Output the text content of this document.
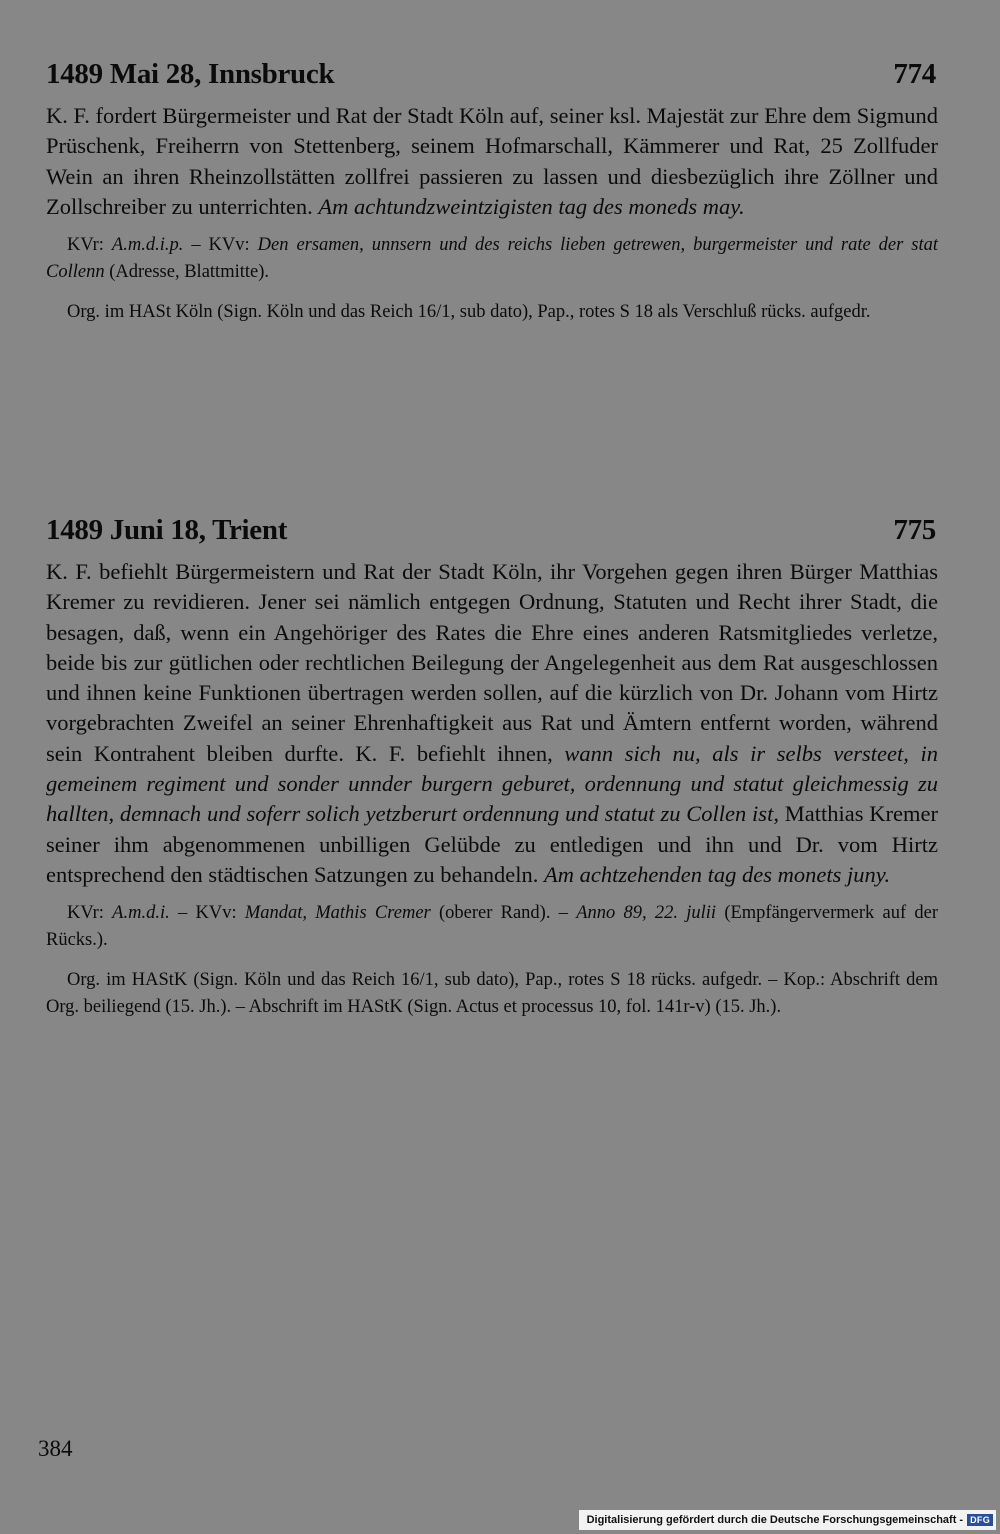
1489 Mai 28, Innsbruck	774

K. F. fordert Bürgermeister und Rat der Stadt Köln auf, seiner ksl. Majestät zur Ehre dem Sigmund Prüschenk, Freiherrn von Stettenberg, seinem Hofmarschall, Kämmerer und Rat, 25 Zollfuder Wein an ihren Rheinzollstätten zollfrei passieren zu lassen und diesbezüglich ihre Zöllner und Zollschreiber zu unterrichten. Am achtundzweintzigisten tag des moneds may.

KVr: A.m.d.i.p. – KVv: Den ersamen, unnsern und des reichs lieben getrewen, burgermeister und rate der stat Collenn (Adresse, Blattmitte).

Org. im HASt Köln (Sign. Köln und das Reich 16/1, sub dato), Pap., rotes S 18 als Verschluß rücks. aufgedr.

1489 Juni 18, Trient	775

K. F. befiehlt Bürgermeistern und Rat der Stadt Köln, ihr Vorgehen gegen ihren Bürger Matthias Kremer zu revidieren. Jener sei nämlich entgegen Ordnung, Statuten und Recht ihrer Stadt, die besagen, daß, wenn ein Angehöriger des Rates die Ehre eines anderen Ratsmitgliedes verletze, beide bis zur gütlichen oder rechtlichen Beilegung der Angelegenheit aus dem Rat ausgeschlossen und ihnen keine Funktionen übertragen werden sollen, auf die kürzlich von Dr. Johann vom Hirtz vorgebrachten Zweifel an seiner Ehrenhaftigkeit aus Rat und Ämtern entfernt worden, während sein Kontrahent bleiben durfte. K. F. befiehlt ihnen, wann sich nu, als ir selbs versteet, in gemeinem regiment und sonder unnder burgern geburet, ordennung und statut gleichmessig zu hallten, demnach und soferr solich yetzberurt ordennung und statut zu Collen ist, Matthias Kremer seiner ihm abgenommenen unbilligen Gelübde zu entledigen und ihn und Dr. vom Hirtz entsprechend den städtischen Satzungen zu behandeln. Am achtzehenden tag des monets juny.

KVr: A.m.d.i. – KVv: Mandat, Mathis Cremer (oberer Rand). – Anno 89, 22. julii (Empfängervermerk auf der Rücks.).

Org. im HAStK (Sign. Köln und das Reich 16/1, sub dato), Pap., rotes S 18 rücks. aufgedr. – Kop.: Abschrift dem Org. beiliegend (15. Jh.). – Abschrift im HAStK (Sign. Actus et processus 10, fol. 141r-v) (15. Jh.).

384
Digitalisierung gefördert durch die Deutsche Forschungsgemeinschaft - DFG
